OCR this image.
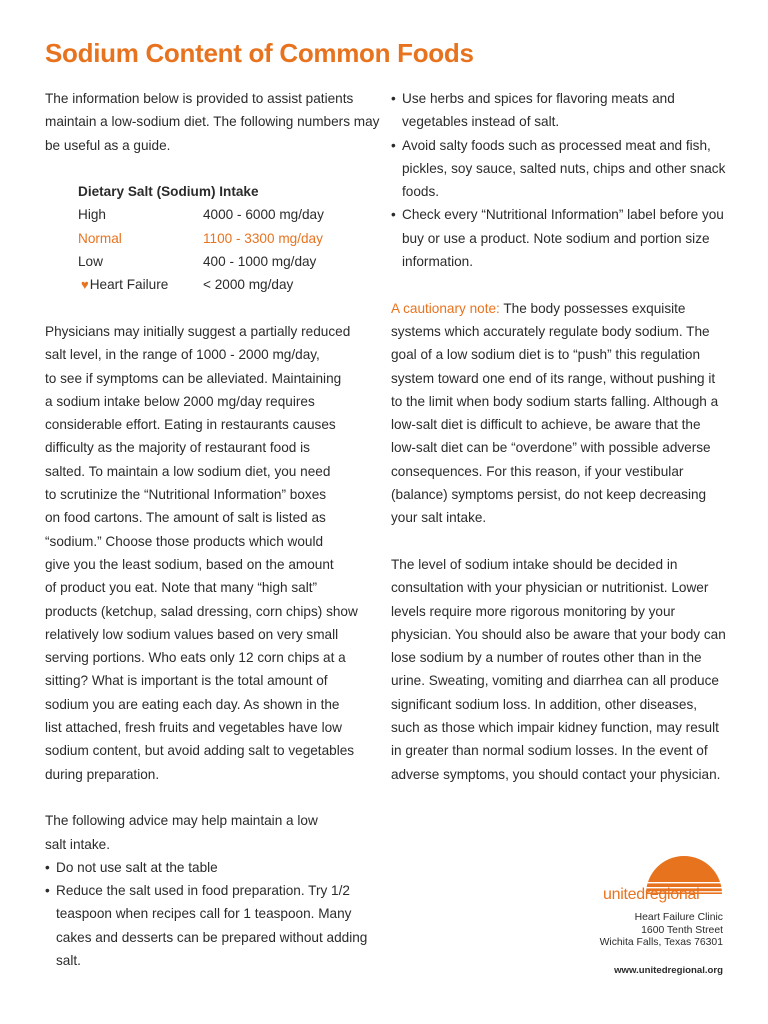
Sodium Content of Common Foods

The information below is provided to assist patients maintain a low-sodium diet. The following numbers may be useful as a guide.

Dietary Salt (Sodium) Intake
High	4000 - 6000 mg/day
Normal	1100 - 3300 mg/day
Low	400 - 1000 mg/day
♥Heart Failure	< 2000 mg/day
Physicians may initially suggest a partially reduced
salt level, in the range of 1000 - 2000 mg/day,
to see if symptoms can be alleviated. Maintaining
a sodium intake below 2000 mg/day requires
considerable effort. Eating in restaurants causes
difficulty as the majority of restaurant food is
salted. To maintain a low sodium diet, you need
to scrutinize the “Nutritional Information” boxes
on food cartons. The amount of salt is listed as
“sodium.” Choose those products which would
give you the least sodium, based on the amount
of product you eat. Note that many “high salt”
products (ketchup, salad dressing, corn chips) show
relatively low sodium values based on very small
serving portions. Who eats only 12 corn chips at a
sitting? What is important is the total amount of
sodium you are eating each day. As shown in the
list attached, fresh fruits and vegetables have low
sodium content, but avoid adding salt to vegetables
during preparation.
The following advice may help maintain a low
salt intake.
• Do not use salt at the table
• Reduce the salt used in food preparation. Try 1/2 teaspoon when recipes call for 1 teaspoon. Many cakes and desserts can be prepared without adding salt.
• Use herbs and spices for flavoring meats and vegetables instead of salt.
• Avoid salty foods such as processed meat and fish, pickles, soy sauce, salted nuts, chips and other snack foods.
• Check every “Nutritional Information” label before you buy or use a product. Note sodium and portion size information.

A cautionary note: The body possesses exquisite systems which accurately regulate body sodium. The goal of a low sodium diet is to “push” this regulation system toward one end of its range, without pushing it to the limit when body sodium starts falling. Although a low-salt diet is difficult to achieve, be aware that the low-salt diet can be “overdone” with possible adverse consequences. For this reason, if your vestibular (balance) symptoms persist, do not keep decreasing your salt intake.

The level of sodium intake should be decided in consultation with your physician or nutritionist. Lower levels require more rigorous monitoring by your physician. You should also be aware that your body can lose sodium by a number of routes other than in the urine. Sweating, vomiting and diarrhea can all produce significant sodium loss. In addition, other diseases, such as those which impair kidney function, may result in greater than normal sodium losses. In the event of adverse symptoms, you should contact your physician.

unitedregional
Heart Failure Clinic
1600 Tenth Street
Wichita Falls, Texas 76301
www.unitedregional.org
